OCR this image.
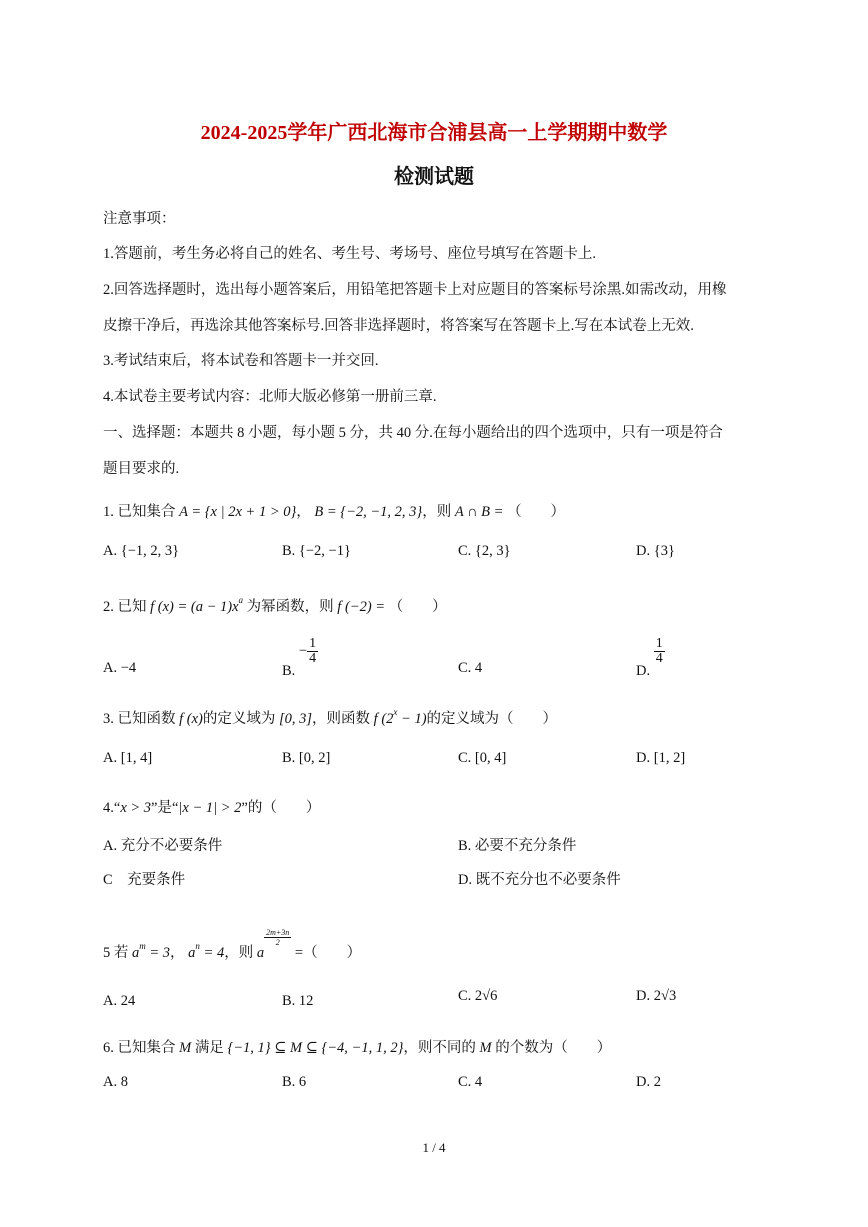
2024-2025学年广西北海市合浦县高一上学期期中数学
检测试题
注意事项：
1.答题前，考生务必将自己的姓名、考生号、考场号、座位号填写在答题卡上.
2.回答选择题时，选出每小题答案后，用铅笔把答题卡上对应题目的答案标号涂黑.如需改动，用橡
皮擦干净后，再选涂其他答案标号.回答非选择题时，将答案写在答题卡上.写在本试卷上无效.
3.考试结束后，将本试卷和答题卡一并交回.
4.本试卷主要考试内容：北师大版必修第一册前三章.
一、选择题：本题共 8 小题，每小题 5 分，共 40 分.在每小题给出的四个选项中，只有一项是符合
题目要求的.
1. 已知集合 A = {x | 2x + 1 > 0}， B = {−2, −1, 2, 3}，则 A ∩ B = （　　）
A. {−1, 2, 3}	B. {−2, −1}	C. {2, 3}	D. {3}
2. 已知 f $(x) = (a - 1)x^a$ 为幂函数，则 f (−2) = （　　）
A. −4	B. − $\frac{1}{4}$
C. 4	D.
$\frac{1}{4}$
3. 已知函数 f (x)的定义域为 [0, 3]，则函数 f $(2^x - 1)$的定义域为（　　）
A. [1, 4]	B. [0, 2]	C. [0, 4]	D. [1, 2]
4.“x > 3”是“|x − 1| > 2”的（　　）
A. 充分不必要条件	B. 必要不充分条件
C　充要条件	D. 既不充分也不必要条件
5 若 $a^m = 3$， $a^n = 4$，则 a
$\frac{2m+3n}{2}$
=（　　）
A. 24	B. 12	C. 2√6	D. 2√3
6. 已知集合 M 满足 {−1, 1} ⊆ M ⊆ {−4, −1, 1, 2}，则不同的 M 的个数为（　　）
A. 8	B. 6	C. 4	D. 2
1 / 4
